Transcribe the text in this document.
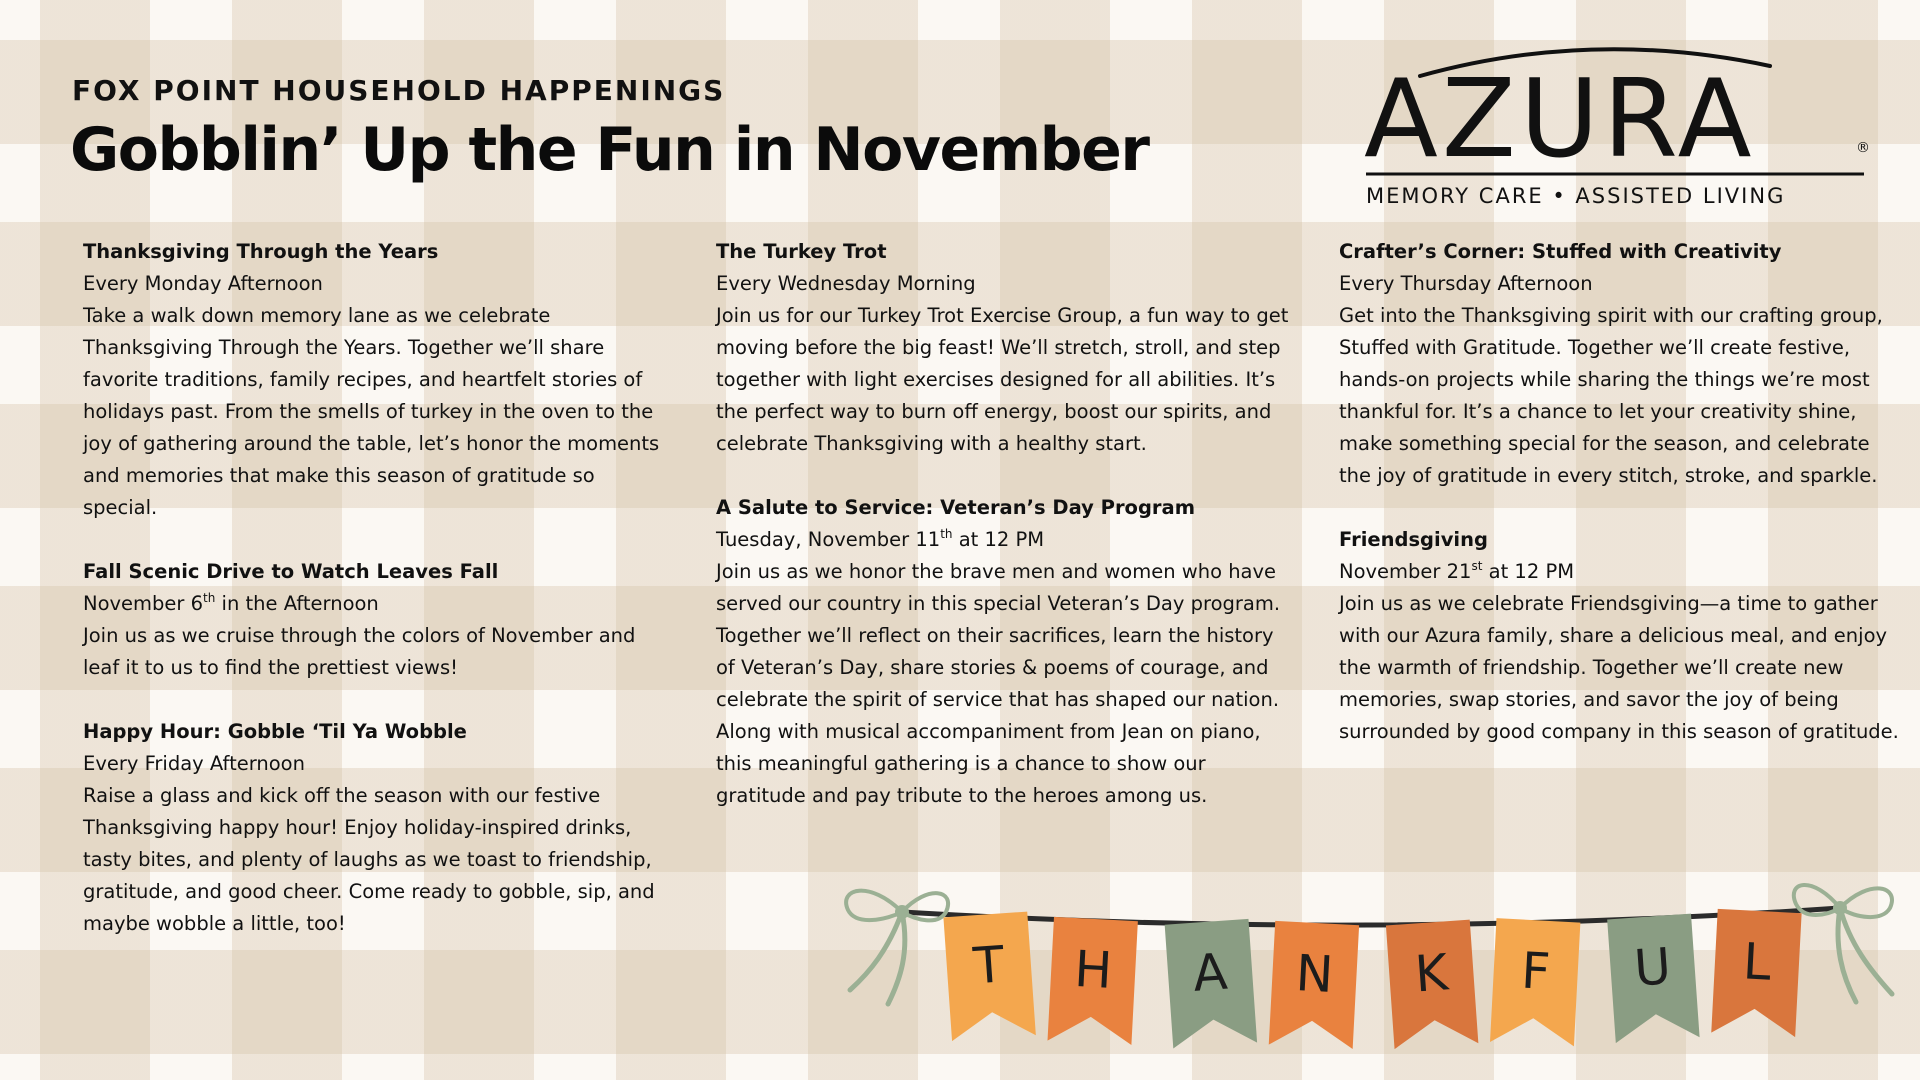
FOX POINT HOUSEHOLD HAPPENINGS
Gobblin’ Up the Fun in November AZURA	®
MEMORY CARE • ASSISTED LIVING
Thanksgiving Through the Years
Every Monday Afternoon
Take a walk down memory lane as we celebrate Thanksgiving Through the Years. Together we’ll share favorite traditions, family recipes, and heartfelt stories of holidays past. From the smells of turkey in the oven to the joy of gathering around the table, let’s honor the moments and memories that make this season of gratitude so special.
Fall Scenic Drive to Watch Leaves Fall
November 6th in the Afternoon
Join us as we cruise through the colors of November and leaf it to us to find the prettiest views!
Happy Hour: Gobble ‘Til Ya Wobble
Every Friday Afternoon
Raise a glass and kick off the season with our festive Thanksgiving happy hour! Enjoy holiday-inspired drinks, tasty bites, and plenty of laughs as we toast to friendship, gratitude, and good cheer. Come ready to gobble, sip, and maybe wobble a little, too!
The Turkey Trot
Every Wednesday Morning
Join us for our Turkey Trot Exercise Group, a fun way to get moving before the big feast! We’ll stretch, stroll, and step together with light exercises designed for all abilities. It’s the perfect way to burn off energy, boost our spirits, and celebrate Thanksgiving with a healthy start.
A Salute to Service: Veteran’s Day Program
Tuesday, November 11th at 12 PM
Join us as we honor the brave men and women who have served our country in this special Veteran’s Day program. Together we’ll reflect on their sacrifices, learn the history of Veteran’s Day, share stories & poems of courage, and celebrate the spirit of service that has shaped our nation. Along with musical accompaniment from Jean on piano, this meaningful gathering is a chance to show our gratitude and pay tribute to the heroes among us.
Crafter’s Corner: Stuffed with Creativity
Every Thursday Afternoon
Get into the Thanksgiving spirit with our crafting group, Stuffed with Gratitude. Together we’ll create festive, hands-on projects while sharing the things we’re most thankful for. It’s a chance to let your creativity shine, make something special for the season, and celebrate the joy of gratitude in every stitch, stroke, and sparkle.
Friendsgiving
November 21st at 12 PM
Join us as we celebrate Friendsgiving—a time to gather with our Azura family, share a delicious meal, and enjoy the warmth of friendship. Together we’ll create new memories, swap stories, and savor the joy of being surrounded by good company in this season of gratitude.
T H A N K F U L
